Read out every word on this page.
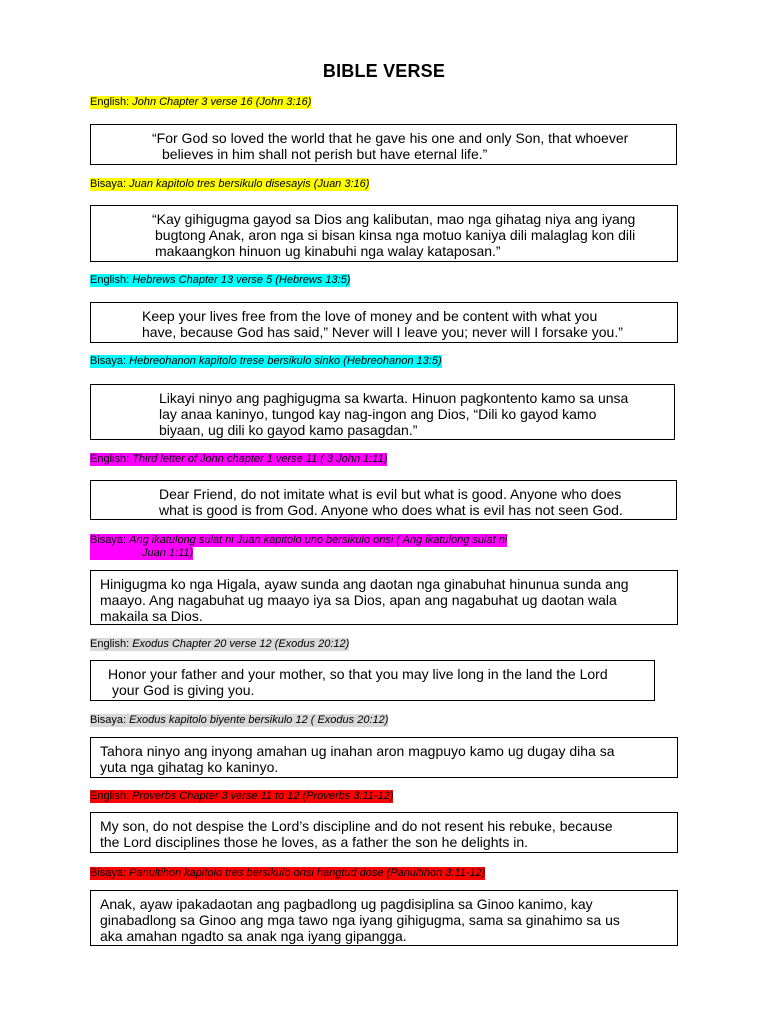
BIBLE VERSE
English: John Chapter 3 verse 16 (John 3:16)
“For God so loved the world that he gave his one and only Son, that whoever
believes in him shall not perish but have eternal life.”
Bisaya: Juan kapitolo tres bersikulo disesayis (Juan 3:16)
“Kay gihigugma gayod sa Dios ang kalibutan, mao nga gihatag niya ang iyang
bugtong Anak, aron nga si bisan kinsa nga motuo kaniya dili malaglag kon dili
makaangkon hinuon ug kinabuhi nga walay kataposan.”
English: Hebrews Chapter 13 verse 5 (Hebrews 13:5)
Keep your lives free from the love of money and be content with what you
have, because God has said,” Never will I leave you; never will I forsake you.”
Bisaya: Hebreohanon kapitolo trese bersikulo sinko (Hebreohanon 13:5)
Likayi ninyo ang paghigugma sa kwarta. Hinuon pagkontento kamo sa unsa
lay anaa kaninyo, tungod kay nag-ingon ang Dios, “Dili ko gayod kamo
biyaan, ug dili ko gayod kamo pasagdan.”
English: Third letter of John chapter 1 verse 11 ( 3 John 1:11)
Dear Friend, do not imitate what is evil but what is good. Anyone who does
what is good is from God. Anyone who does what is evil has not seen God.
Bisaya: Ang ikatulong sulat ni Juan kapitolo uno bersikulo onsi ( Ang ikatulong sulat ni
Juan 1:11)
Hinigugma ko nga Higala, ayaw sunda ang daotan nga ginabuhat hinunua sunda ang
maayo. Ang nagabuhat ug maayo iya sa Dios, apan ang nagabuhat ug daotan wala
makaila sa Dios.
English: Exodus Chapter 20 verse 12 (Exodus 20:12)
Honor your father and your mother, so that you may live long in the land the Lord
your God is giving you.
Bisaya: Exodus kapitolo biyente bersikulo 12 ( Exodus 20:12)
Tahora ninyo ang inyong amahan ug inahan aron magpuyo kamo ug dugay diha sa
yuta nga gihatag ko kaninyo.
English: Proverbs Chapter 3 verse 11 to 12 (Proverbs 3:11-12)
My son, do not despise the Lord’s discipline and do not resent his rebuke, because
the Lord disciplines those he loves, as a father the son he delights in.
Bisaya: Panultihon kapitolo tres bersikulo onsi hangtud dose (Panultihon 3:11-12)
Anak, ayaw ipakadaotan ang pagbadlong ug pagdisiplina sa Ginoo kanimo, kay
ginabadlong sa Ginoo ang mga tawo nga iyang gihigugma, sama sa ginahimo sa us
aka amahan ngadto sa anak nga iyang gipangga.
